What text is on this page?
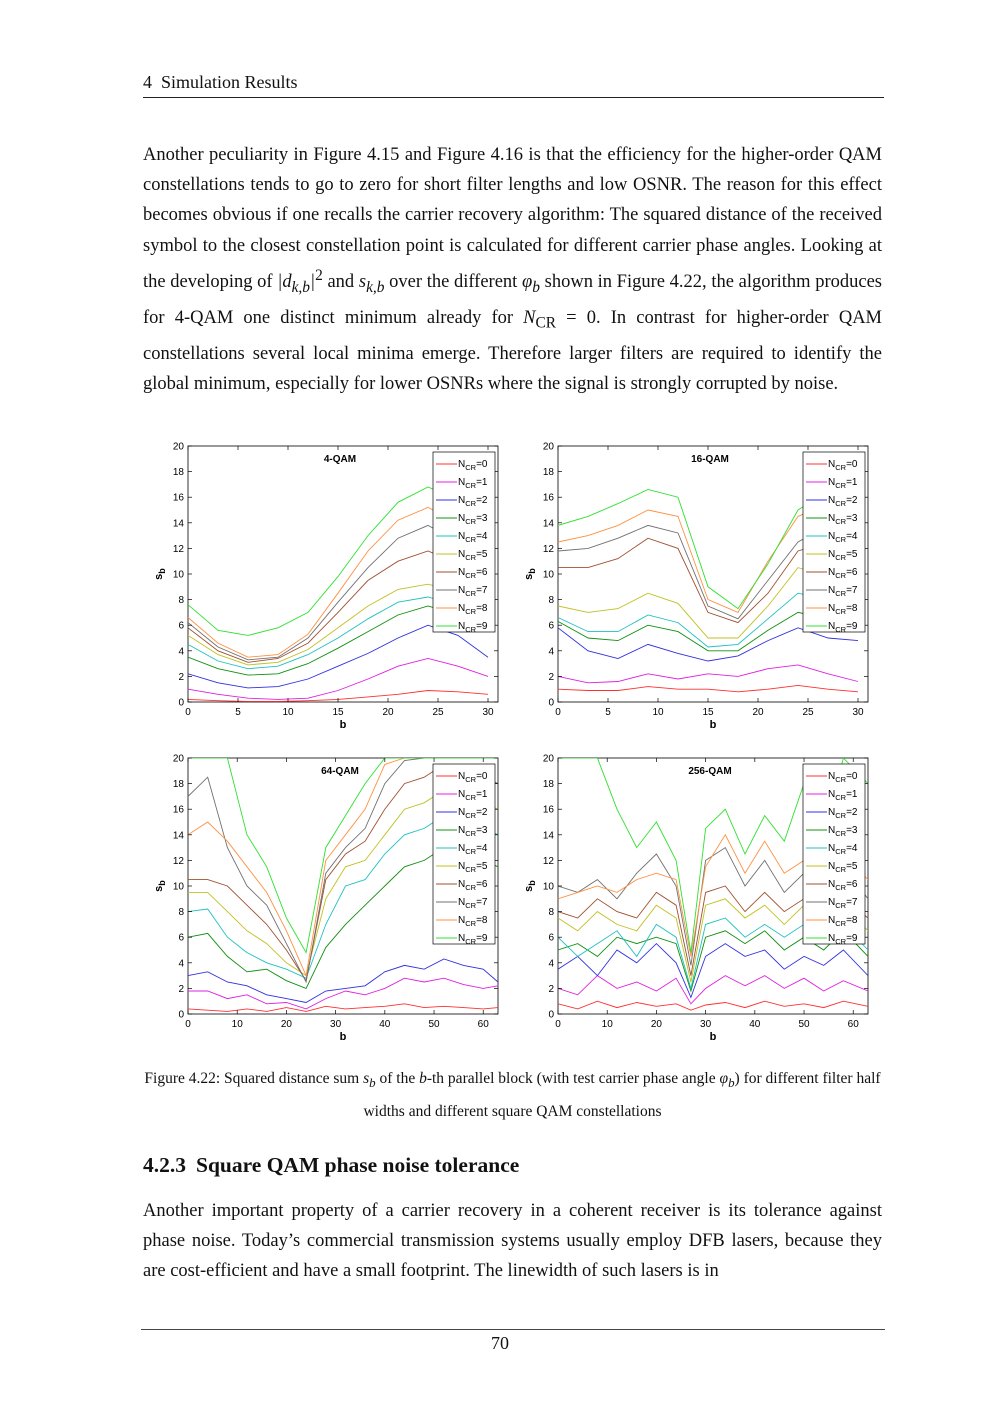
4 Simulation Results

Another peculiarity in Figure 4.15 and Figure 4.16 is that the efficiency for the higher-order QAM constellations tends to go to zero for short filter lengths and low OSNR. The reason for this effect becomes obvious if one recalls the carrier recovery algorithm: The squared distance of the received symbol to the closest constellation point is calculated for different carrier phase angles. Looking at the developing of $|d_{k,b}|^2$ and $s_{k,b}$ over the different $\varphi_b$ shown in Figure 4.22, the algorithm produces for 4-QAM one distinct minimum already for $N_{CR} = 0$. In contrast for higher-order QAM constellations several local minima emerge. Therefore larger filters are required to identify the global minimum, especially for lower OSNRs where the signal is strongly corrupted by noise.

0	5	10	15	20	25	30
0
2
4
6
8
10
12
14
16
18
20
b
$s_b$
4-QAM	$N_{CR}=0$
$N_{CR}=1$
$N_{CR}=2$
$N_{CR}=3$
$N_{CR}=4$
$N_{CR}=5$
$N_{CR}=6$
$N_{CR}=7$
$N_{CR}=8$
$N_{CR}=9$
0	5	10	15	20	25	30
0
2
4
6
8
10
12
14
16
18
20
b
$s_b$
16-QAM	$N_{CR}=0$
$N_{CR}=1$
$N_{CR}=2$
$N_{CR}=3$
$N_{CR}=4$
$N_{CR}=5$
$N_{CR}=6$
$N_{CR}=7$
$N_{CR}=8$
$N_{CR}=9$
0	10	20	30	40	50	60
0
2
4
6
8
10
12
14
16
18
20
b
$s_b$
64-QAM	$N_{CR}=0$
$N_{CR}=1$
$N_{CR}=2$
$N_{CR}=3$
$N_{CR}=4$
$N_{CR}=5$
$N_{CR}=6$
$N_{CR}=7$
$N_{CR}=8$
$N_{CR}=9$
0	10	20	30	40	50	60
0
2
4
6
8
10
12
14
16
18
20
b
$s_b$
256-QAM	$N_{CR}=0$
$N_{CR}=1$
$N_{CR}=2$
$N_{CR}=3$
$N_{CR}=4$
$N_{CR}=5$
$N_{CR}=6$
$N_{CR}=7$
$N_{CR}=8$
$N_{CR}=9$
Figure 4.22: Squared distance sum $s_b$ of the b-th parallel block (with test carrier phase angle $\varphi_b$) for different filter half widths and different square QAM constellations
4.2.3 Square QAM phase noise tolerance

Another important property of a carrier recovery in a coherent receiver is its tolerance against phase noise. Today’s commercial transmission systems usually employ DFB lasers, because they are cost-efficient and have a small footprint. The linewidth of such lasers is in

70
